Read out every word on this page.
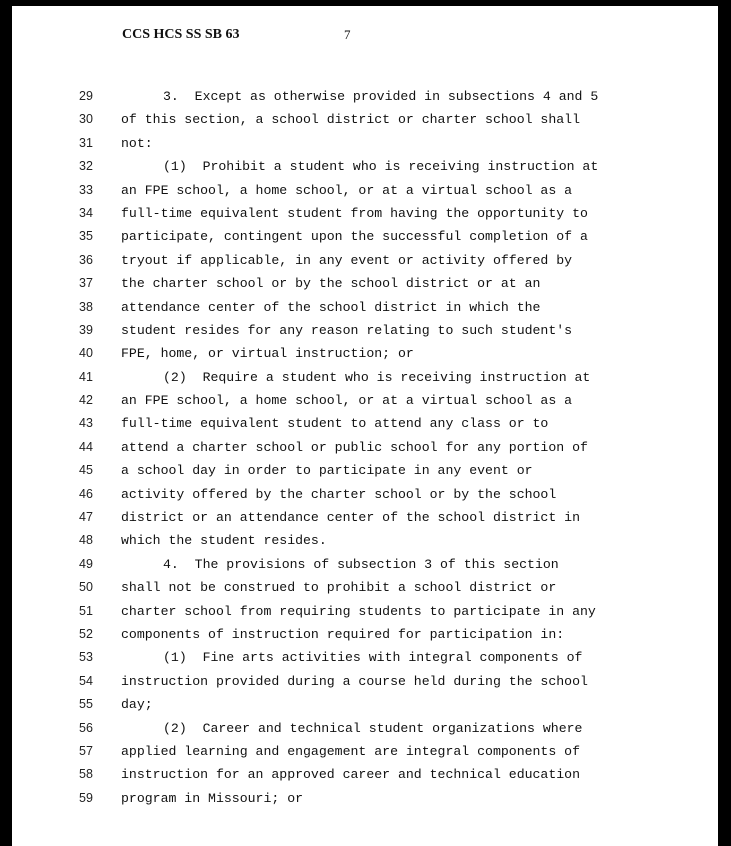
CCS HCS SS SB 63	7
29	3.  Except as otherwise provided in subsections 4 and 5
30	of this section, a school district or charter school shall
31	not:
32	(1)  Prohibit a student who is receiving instruction at
33	an FPE school, a home school, or at a virtual school as a
34	full-time equivalent student from having the opportunity to
35	participate, contingent upon the successful completion of a
36	tryout if applicable, in any event or activity offered by
37	the charter school or by the school district or at an
38	attendance center of the school district in which the
39	student resides for any reason relating to such student's
40	FPE, home, or virtual instruction; or
41	(2)  Require a student who is receiving instruction at
42	an FPE school, a home school, or at a virtual school as a
43	full-time equivalent student to attend any class or to
44	attend a charter school or public school for any portion of
45	a school day in order to participate in any event or
46	activity offered by the charter school or by the school
47	district or an attendance center of the school district in
48	which the student resides.
49	4.  The provisions of subsection 3 of this section
50	shall not be construed to prohibit a school district or
51	charter school from requiring students to participate in any
52	components of instruction required for participation in:
53	(1)  Fine arts activities with integral components of
54	instruction provided during a course held during the school
55	day;
56	(2)  Career and technical student organizations where
57	applied learning and engagement are integral components of
58	instruction for an approved career and technical education
59	program in Missouri; or
